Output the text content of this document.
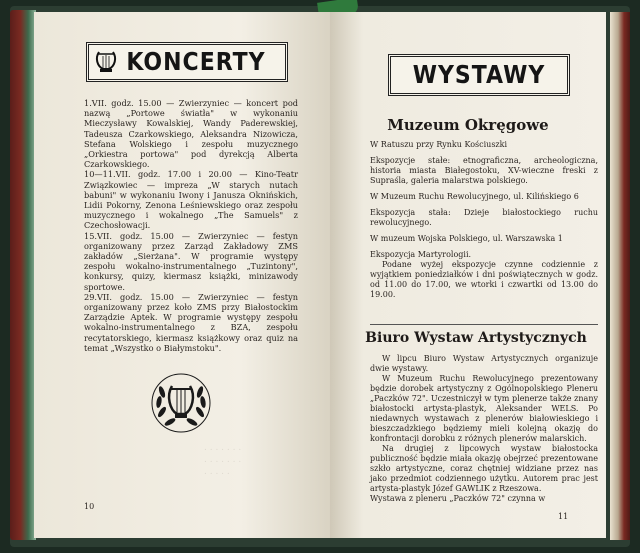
KONCERTY

1.VII. godz. 15.00 — Zwierzyniec — koncert pod nazwą „Portowe światła" w wykonaniu Mieczysławy Kowalskiej, Wandy Paderewskiej, Tadeusza Czarkowskiego, Aleksandra Nizowicza, Stefana Wolskiego i zespołu muzycznego „Orkiestra portowa" pod dyrekcją Alberta Czarkowskiego.

10—11.VII. godz. 17.00 i 20.00 — Kino-Teatr Związkowiec — impreza „W starych nutach babuni" w wykonaniu Iwony i Janusza Oknińskich, Lidii Pokorny, Zenona Leśniewskiego oraz zespołu muzycznego i wokalnego „The Samuels" z Czechosłowacji.

15.VII. godz. 15.00 — Zwierzyniec — festyn organizowany przez Zarząd Zakładowy ZMS zakładów „Sierżana". W programie występy zespołu wokalno-instrumentalnego „Tuzintony", konkursy, quizy, kiermasz książki, minizawody sportowe.

29.VII. godz. 15.00 — Zwierzyniec — festyn organizowany przez koło ZMS przy Białostockim Zarządzie Aptek. W programie występy zespołu wokalno-instrumentalnego z BZA, zespołu recytatorskiego, kiermasz książkowy oraz quiz na temat „Wszystko o Białymstoku".

. . . . . . .
. . . . . . .
. . . . .
10
WYSTAWY
Muzeum Okręgowe

W Ratuszu przy Rynku Kościuszki

Ekspozycje stałe: etnograficzna, archeologiczna, historia miasta Białegostoku, XV-wieczne freski z Supraśla, galeria malarstwa polskiego.

W Muzeum Ruchu Rewolucyjnego, ul. Kilińskiego 6

Ekspozycja stała: Dzieje białostockiego ruchu rewolucyjnego.

W muzeum Wojska Polskiego, ul. Warszawska 1

Ekspozycja Martyrologii.

Podane wyżej ekspozycje czynne codziennie z wyjątkiem poniedziałków i dni poświątecznych w godz. od 11.00 do 17.00, we wtorki i czwartki od 13.00 do 19.00.

Biuro Wystaw Artystycznych

W lipcu Biuro Wystaw Artystycznych organizuje dwie wystawy.

W Muzeum Ruchu Rewolucyjnego prezentowany będzie dorobek artystyczny z Ogólnopolskiego Pleneru „Paczków 72". Uczestniczył w tym plenerze także znany białostocki artysta-plastyk, Aleksander WELS. Po niedawnych wystawach z plenerów białowieskiego i bieszczadzkiego będziemy mieli kolejną okazję do konfrontacji dorobku z różnych plenerów malarskich.

Na drugiej z lipcowych wystaw białostocka publiczność będzie miała okazję obejrzeć prezentowane szkło artystyczne, coraz chętniej widziane przez nas jako przedmiot codziennego użytku. Autorem prac jest artysta-plastyk Józef GAWLIK z Rzeszowa.

Wystawa z pleneru „Paczków 72" czynna w

11
